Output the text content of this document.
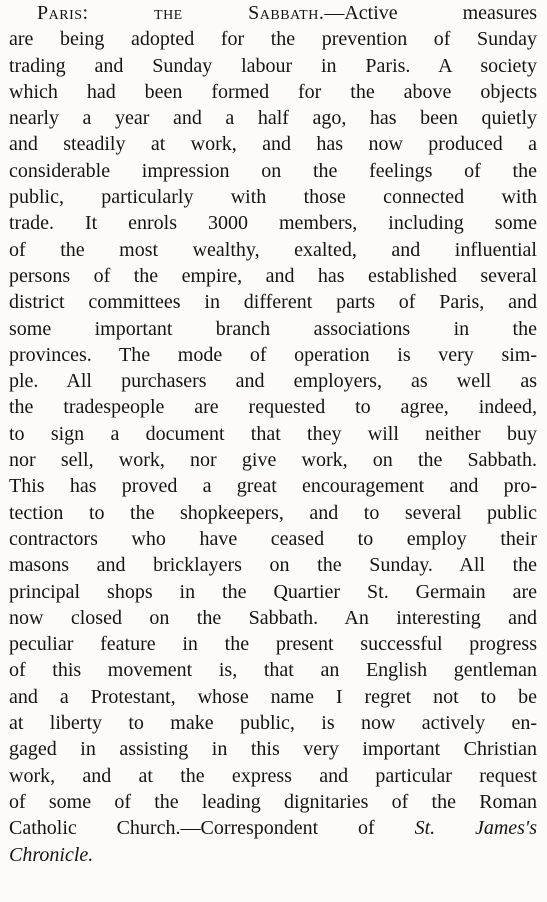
Paris: the Sabbath.—Active measures
are being adopted for the prevention of Sunday
trading and Sunday labour in Paris. A society
which had been formed for the above objects
nearly a year and a half ago, has been quietly
and steadily at work, and has now produced a
considerable impression on the feelings of the
public, particularly with those connected with
trade. It enrols 3000 members, including some
of the most wealthy, exalted, and influential
persons of the empire, and has established several
district committees in different parts of Paris, and
some important branch associations in the
provinces. The mode of operation is very sim-
ple. All purchasers and employers, as well as
the tradespeople are requested to agree, indeed,
to sign a document that they will neither buy
nor sell, work, nor give work, on the Sabbath.
This has proved a great encouragement and pro-
tection to the shopkeepers, and to several public
contractors who have ceased to employ their
masons and bricklayers on the Sunday. All the
principal shops in the Quartier St. Germain are
now closed on the Sabbath. An interesting and
peculiar feature in the present successful progress
of this movement is, that an English gentleman
and a Protestant, whose name I regret not to be
at liberty to make public, is now actively en-
gaged in assisting in this very important Christian
work, and at the express and particular request
of some of the leading dignitaries of the Roman
Catholic Church.—Correspondent of St. James's
Chronicle.
